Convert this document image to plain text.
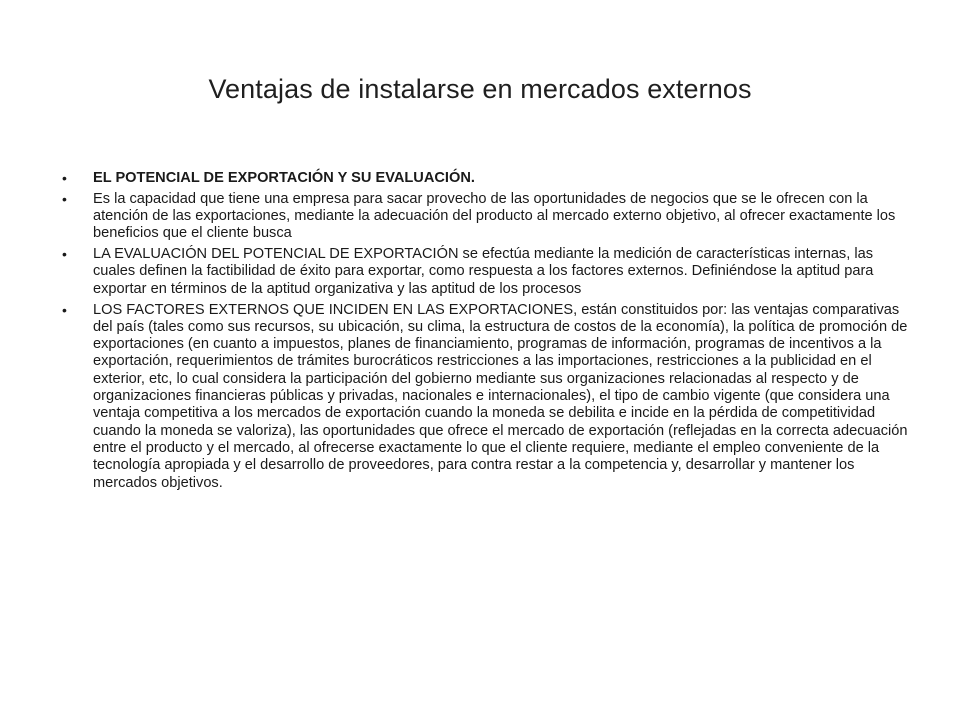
Ventajas de instalarse en mercados externos
• EL POTENCIAL DE EXPORTACIÓN Y SU EVALUACIÓN.
• Es la capacidad que tiene una empresa para sacar provecho de las oportunidades de negocios que se le ofrecen con la atención de las exportaciones, mediante la adecuación del producto al mercado externo objetivo, al ofrecer exactamente los beneficios que el cliente busca
• LA EVALUACIÓN DEL POTENCIAL DE EXPORTACIÓN se efectúa mediante la medición de características internas, las cuales definen la factibilidad de éxito para exportar, como respuesta a los factores externos. Definiéndose la aptitud para exportar en términos de la aptitud organizativa y las aptitud de los procesos
• LOS FACTORES EXTERNOS QUE INCIDEN EN LAS EXPORTACIONES, están constituidos por: las ventajas comparativas del país (tales como sus recursos, su ubicación, su clima, la estructura de costos de la economía), la política de promoción de exportaciones (en cuanto a impuestos, planes de financiamiento, programas de información, programas de incentivos a la exportación, requerimientos de trámites burocráticos restricciones a las importaciones, restricciones a la publicidad en el exterior, etc, lo cual considera la participación del gobierno mediante sus organizaciones relacionadas al respecto y de organizaciones financieras públicas y privadas, nacionales e internacionales), el tipo de cambio vigente (que considera una ventaja competitiva a los mercados de exportación cuando la moneda se debilita e incide en la pérdida de competitividad cuando la moneda se valoriza), las oportunidades que ofrece el mercado de exportación (reflejadas en la correcta adecuación entre el producto y el mercado, al ofrecerse exactamente lo que el cliente requiere, mediante el empleo conveniente de la tecnología apropiada y el desarrollo de proveedores, para contra restar a la competencia y, desarrollar y mantener los mercados objetivos.
